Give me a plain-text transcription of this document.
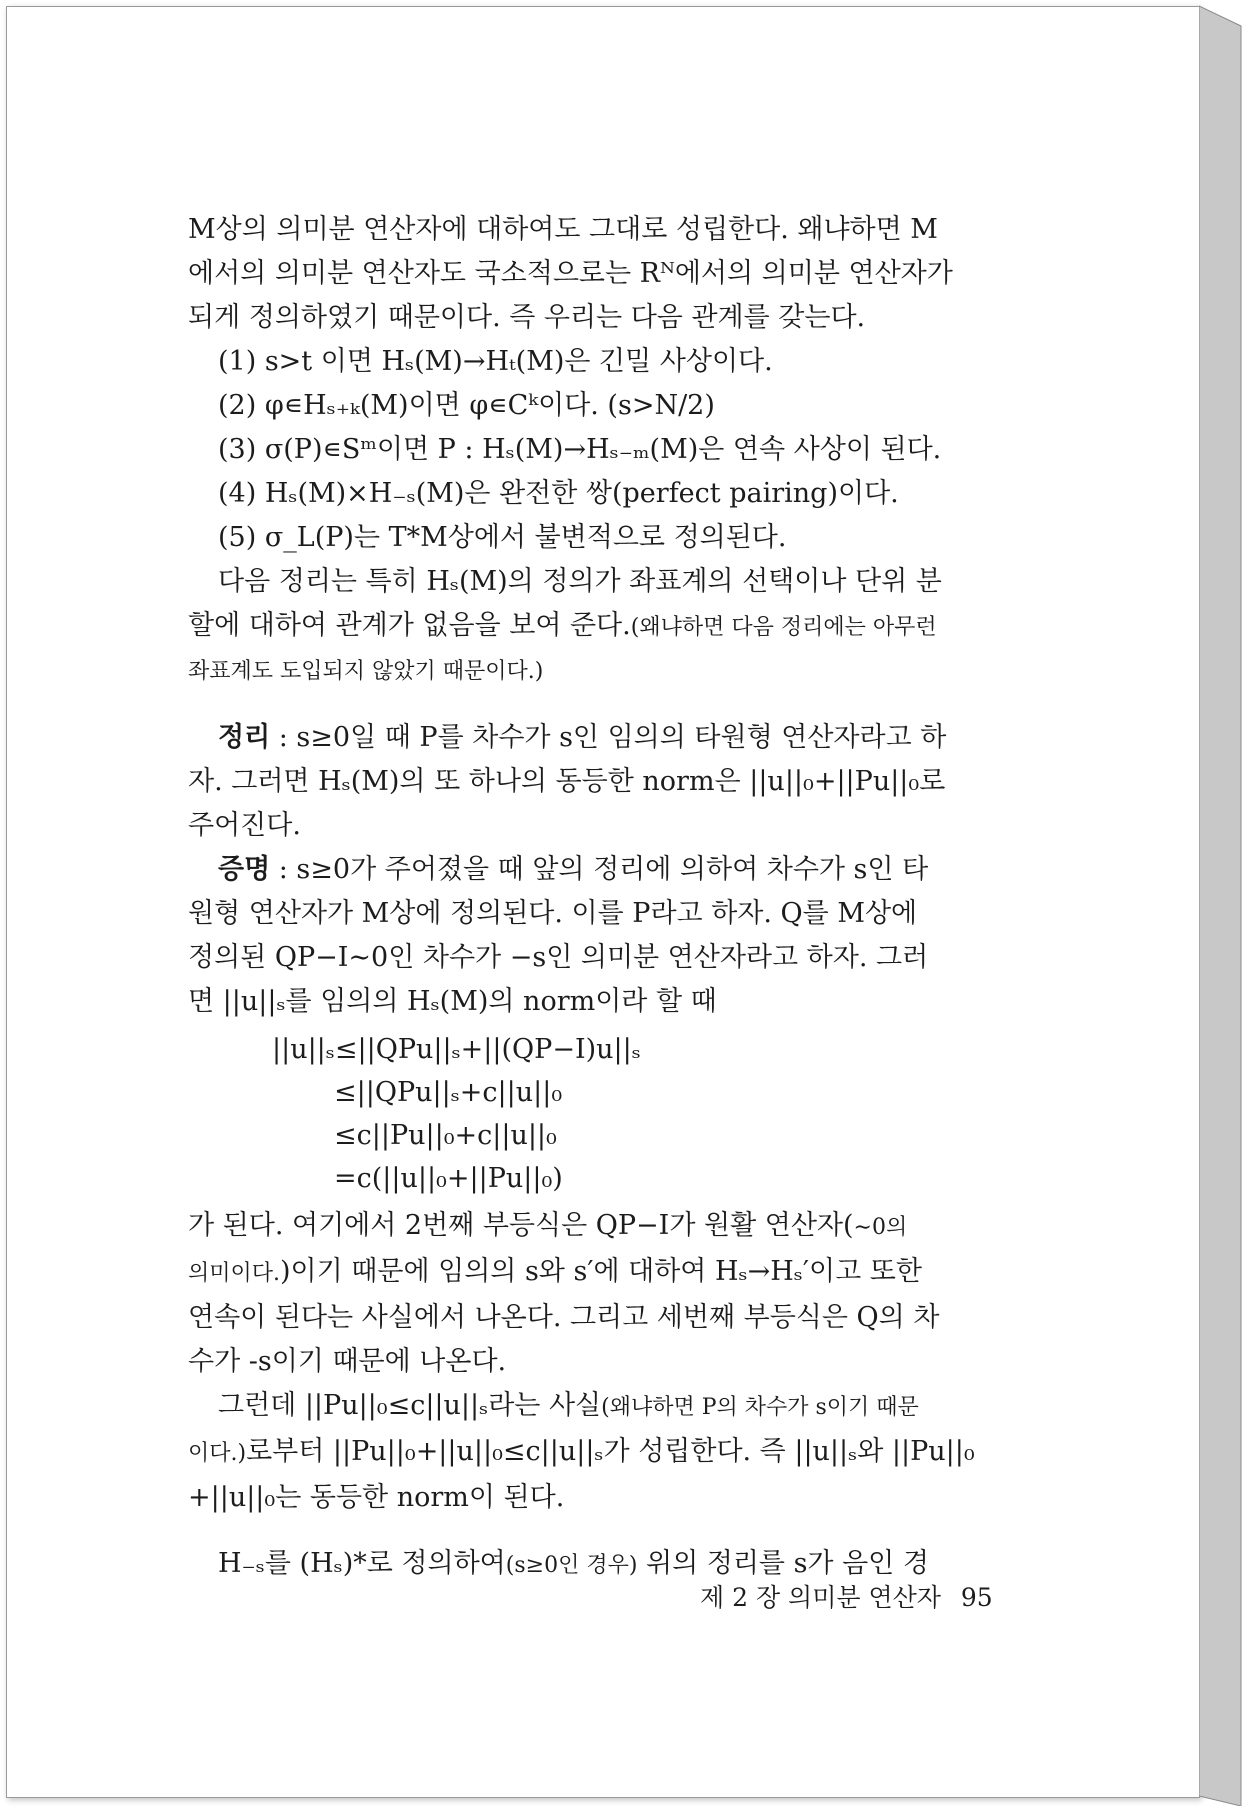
M상의 의미분 연산자에 대하여도 그대로 성립한다. 왜냐하면 M

에서의 의미분 연산자도 국소적으로는 Rᴺ에서의 의미분 연산자가

되게 정의하였기 때문이다. 즉 우리는 다음 관계를 갖는다.

(1) s>t 이면 Hₛ(M)→Hₜ(M)은 긴밀 사상이다.

(2) φ∊Hₛ₊ₖ(M)이면 φ∊Cᵏ이다. (s>N/2)

(3) σ(P)∊Sᵐ이면 P : Hₛ(M)→Hₛ₋ₘ(M)은 연속 사상이 된다.

(4) Hₛ(M)×H₋ₛ(M)은 완전한 쌍(perfect pairing)이다.

(5) σ_L(P)는 T*M상에서 불변적으로 정의된다.

다음 정리는 특히 Hₛ(M)의 정의가 좌표계의 선택이나 단위 분

할에 대하여 관계가 없음을 보여 준다.(왜냐하면 다음 정리에는 아무런

좌표계도 도입되지 않았기 때문이다.)

정리 : s≥0일 때 P를 차수가 s인 임의의 타원형 연산자라고 하

자. 그러면 Hₛ(M)의 또 하나의 동등한 norm은 ||u||₀+||Pu||₀로

주어진다.

증명 : s≥0가 주어졌을 때 앞의 정리에 의하여 차수가 s인 타

원형 연산자가 M상에 정의된다. 이를 P라고 하자. Q를 M상에

정의된 QP−I∼0인 차수가 −s인 의미분 연산자라고 하자. 그러

면 ||u||ₛ를 임의의 Hₛ(M)의 norm이라 할 때

||u||ₛ≤||QPu||ₛ+||(QP−I)u||ₛ
≤||QPu||ₛ+c||u||₀
≤c||Pu||₀+c||u||₀
=c(||u||₀+||Pu||₀)

가 된다. 여기에서 2번째 부등식은 QP−I가 원활 연산자(∼0의

의미이다.)이기 때문에 임의의 s와 s′에 대하여 Hₛ→Hₛ′이고 또한

연속이 된다는 사실에서 나온다. 그리고 세번째 부등식은 Q의 차

수가 -s이기 때문에 나온다.

그런데 ||Pu||₀≤c||u||ₛ라는 사실(왜냐하면 P의 차수가 s이기 때문

이다.)로부터 ||Pu||₀+||u||₀≤c||u||ₛ가 성립한다. 즉 ||u||ₛ와 ||Pu||₀

+||u||₀는 동등한 norm이 된다.

H₋ₛ를 (Hₛ)*로 정의하여(s≥0인 경우) 위의 정리를 s가 음인 경

제 2 장 의미분 연산자 95
